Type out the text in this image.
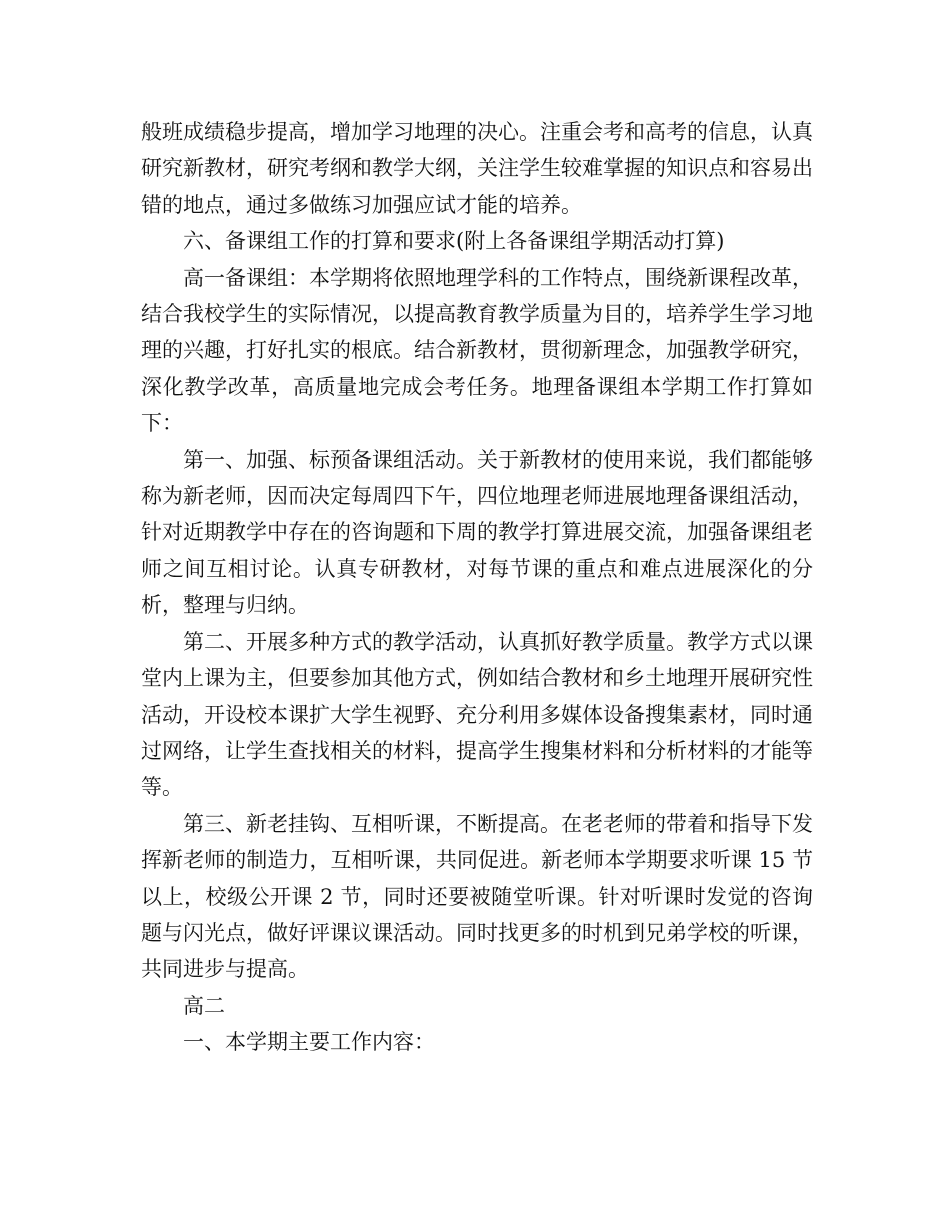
般班成绩稳步提高，增加学习地理的决心。注重会考和高考的信息，认真研究新教材，研究考纲和教学大纲，关注学生较难掌握的知识点和容易出错的地点，通过多做练习加强应试才能的培养。

六、备课组工作的打算和要求(附上各备课组学期活动打算)

高一备课组：本学期将依照地理学科的工作特点，围绕新课程改革，结合我校学生的实际情况，以提高教育教学质量为目的，培养学生学习地理的兴趣，打好扎实的根底。结合新教材，贯彻新理念，加强教学研究，深化教学改革，高质量地完成会考任务。地理备课组本学期工作打算如下：

第一、加强、标预备课组活动。关于新教材的使用来说，我们都能够称为新老师，因而决定每周四下午，四位地理老师进展地理备课组活动，针对近期教学中存在的咨询题和下周的教学打算进展交流，加强备课组老师之间互相讨论。认真专研教材，对每节课的重点和难点进展深化的分析，整理与归纳。

第二、开展多种方式的教学活动，认真抓好教学质量。教学方式以课堂内上课为主，但要参加其他方式，例如结合教材和乡土地理开展研究性活动，开设校本课扩大学生视野、充分利用多媒体设备搜集素材，同时通过网络，让学生查找相关的材料，提高学生搜集材料和分析材料的才能等等。

第三、新老挂钩、互相听课，不断提高。在老老师的带着和指导下发挥新老师的制造力，互相听课，共同促进。新老师本学期要求听课 15 节以上，校级公开课 2 节，同时还要被随堂听课。针对听课时发觉的咨询题与闪光点，做好评课议课活动。同时找更多的时机到兄弟学校的听课，共同进步与提高。

高二

一、本学期主要工作内容：
